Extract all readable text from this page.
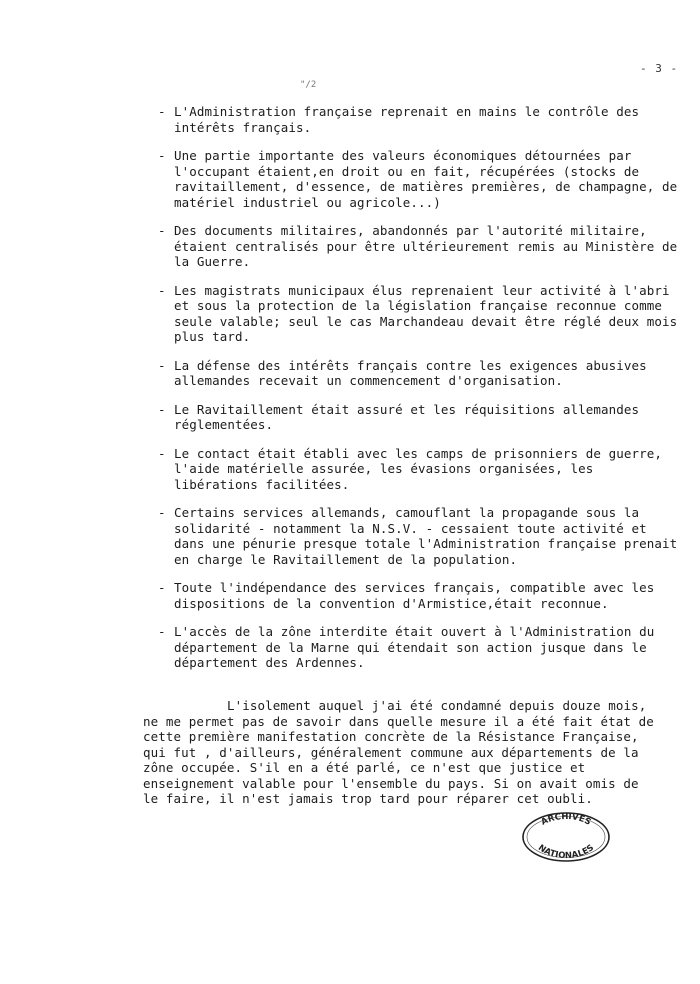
- 3 -
"/2
- L'Administration française reprenait en mains le contrôle des intérêts français.
- Une partie importante des valeurs économiques détournées par l'occupant étaient,en droit ou en fait, récupérées (stocks de ravitaillement, d'essence, de matières premières, de champagne, de matériel industriel ou agricole...)
- Des documents militaires, abandonnés par l'autorité militaire, étaient centralisés pour être ultérieurement remis au Ministère de la Guerre.
- Les magistrats municipaux élus reprenaient leur activité à l'abri et sous la protection de la législation française reconnue comme seule valable; seul le cas Marchandeau devait être réglé deux mois plus tard.
- La défense des intérêts français contre les exigences abusives allemandes recevait un commencement d'organisation.
- Le Ravitaillement était assuré et les réquisitions allemandes réglementées.
- Le contact était établi avec les camps de prisonniers de guerre, l'aide matérielle assurée, les évasions organisées, les libérations facilitées.
- Certains services allemands, camouflant la propagande sous la solidarité - notamment la N.S.V. - cessaient toute activité et dans une pénurie presque totale l'Administration française prenait en charge le Ravitaillement de la population.
- Toute l'indépendance des services français, compatible avec les dispositions de la convention d'Armistice,était reconnue.
- L'accès de la zône interdite était ouvert à l'Administration du département de la Marne qui étendait son action jusque dans le département des Ardennes.

L'isolement auquel j'ai été condamné depuis douze mois, ne me permet pas de savoir dans quelle mesure il a été fait état de cette première manifestation concrète de la Résistance Française, qui fut , d'ailleurs, généralement commune aux départements de la zône occupée. S'il en a été parlé, ce n'est que justice et enseignement valable pour l'ensemble du pays. Si on avait omis de le faire, il n'est jamais trop tard pour réparer cet oubli.

ARCHIVES
NATIONALES
